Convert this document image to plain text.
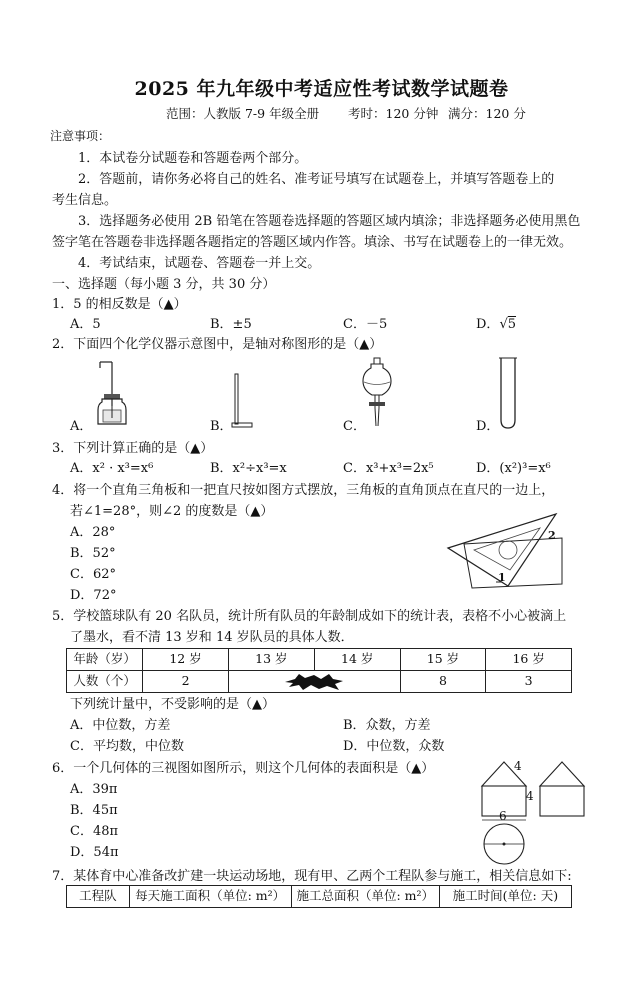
2025 年九年级中考适应性考试数学试题卷
范围：人教版 7-9 年级全册 考时：120 分钟 满分：120 分
注意事项：
1．本试卷分试题卷和答题卷两个部分。
2．答题前，请你务必将自己的姓名、准考证号填写在试题卷上，并填写答题卷上的
考生信息。
3．选择题务必使用 2B 铅笔在答题卷选择题的答题区域内填涂；非选择题务必使用黑色
签字笔在答题卷非选择题各题指定的答题区域内作答。填涂、书写在试题卷上的一律无效。
4．考试结束，试题卷、答题卷一并上交。
一、选择题（每小题 3 分，共 30 分）
1．5 的相反数是（▲）
A．5	B．±5	C．－5	D．√5
2．下面四个化学仪器示意图中，是轴对称图形的是（▲）
A．	B．	C．	D．
3．下列计算正确的是（▲）
A．x² · x³=x⁶	B．x²÷x³=x	C．x³+x³=2x⁵	D．(x²)³=x⁶
4．将一个直角三角板和一把直尺按如图方式摆放，三角板的直角顶点在直尺的一边上，
若∠1=28°，则∠2 的度数是（▲）
A．28°
B．52°
C．62°
D．72°
2
1
5．学校篮球队有 20 名队员，统计所有队员的年龄制成如下的统计表，表格不小心被滴上
了墨水，看不清 13 岁和 14 岁队员的具体人数．
年龄（岁）	12 岁	13 岁	14 岁	15 岁	16 岁
人数（个）	2			8	3
下列统计量中，不受影响的是（▲）
A．中位数，方差	B．众数，方差
C．平均数，中位数	D．中位数，众数
6．一个几何体的三视图如图所示，则这个几何体的表面积是（▲）
A．39π
B．45π
C．48π
D．54π
4
4
6
7．某体育中心准备改扩建一块运动场地，现有甲、乙两个工程队参与施工，相关信息如下:
工程队	每天施工面积（单位: m²）	施工总面积（单位: m²）	施工时间(单位: 天)
